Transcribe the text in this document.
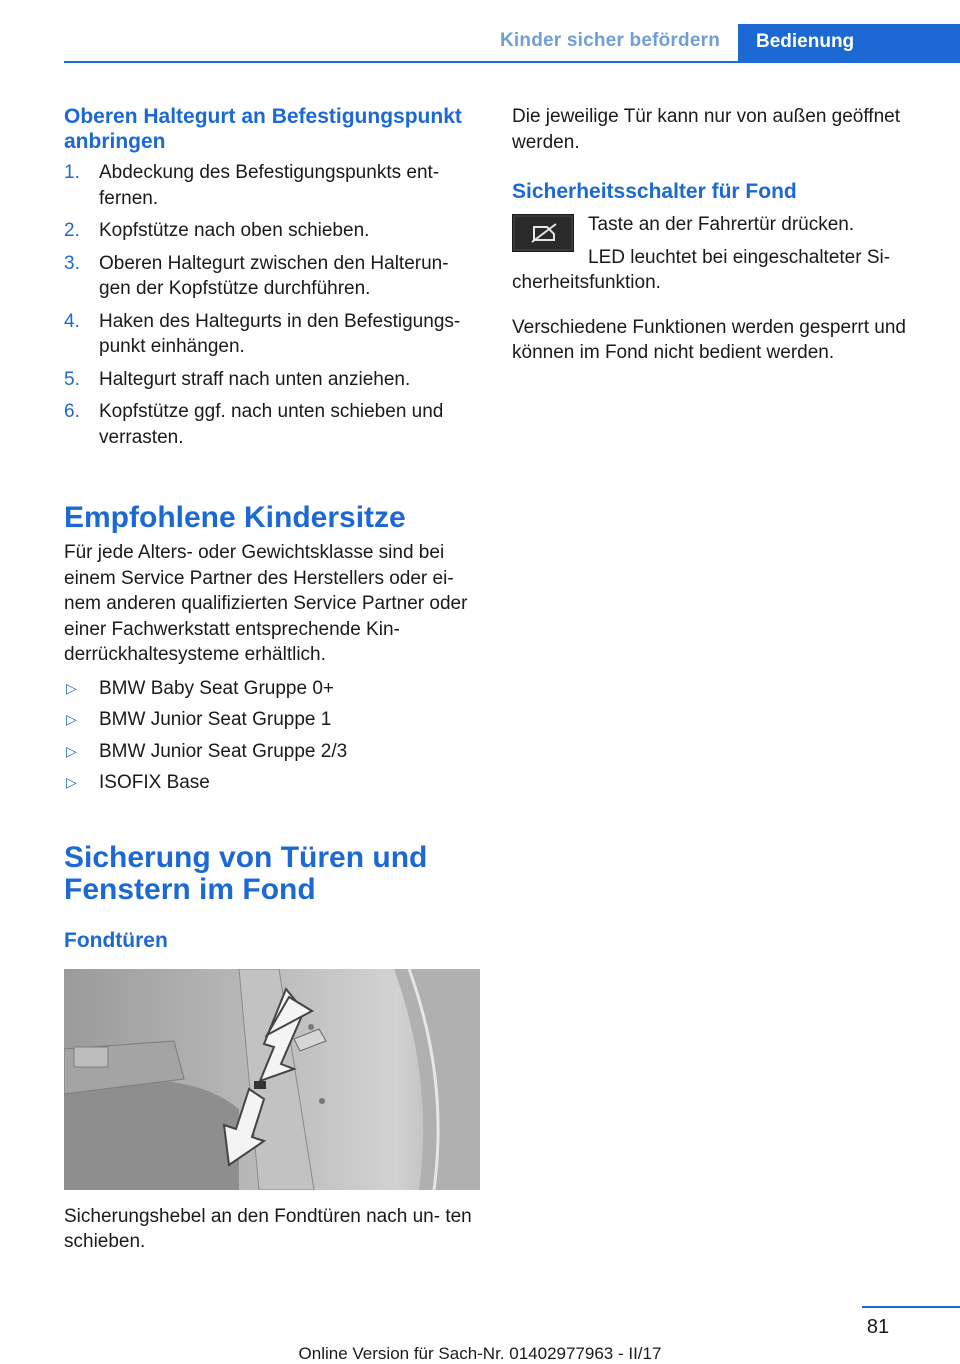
Kinder sicher befördern	Bedienung
Oberen Haltegurt an Befestigungspunkt anbringen
1. Abdeckung des Befestigungspunkts ent‐ fernen.
2. Kopfstütze nach oben schieben.
3. Oberen Haltegurt zwischen den Halterun‐ gen der Kopfstütze durchführen.
4. Haken des Haltegurts in den Befestigungs‐ punkt einhängen.
5. Haltegurt straff nach unten anziehen.
6. Kopfstütze ggf. nach unten schieben und verrasten.
Empfohlene Kindersitze

Für jede Alters- oder Gewichtsklasse sind bei einem Service Partner des Herstellers oder ei‐ nem anderen qualifizierten Service Partner oder einer Fachwerkstatt entsprechende Kin‐ derrückhaltesysteme erhältlich.

▷ BMW Baby Seat Gruppe 0+
▷ BMW Junior Seat Gruppe 1
▷ BMW Junior Seat Gruppe 2/3
▷ ISOFIX Base
Sicherung von Türen und Fenstern im Fond
Fondtüren

Sicherungshebel an den Fondtüren nach un‐ ten schieben.

Die jeweilige Tür kann nur von außen geöffnet werden.

Sicherheitsschalter für Fond

Taste an der Fahrertür drücken.

LED leuchtet bei eingeschalteter Si‐ cherheitsfunktion.

Verschiedene Funktionen werden gesperrt und können im Fond nicht bedient werden.

81
Online Version für Sach-Nr. 01402977963 - II/17
